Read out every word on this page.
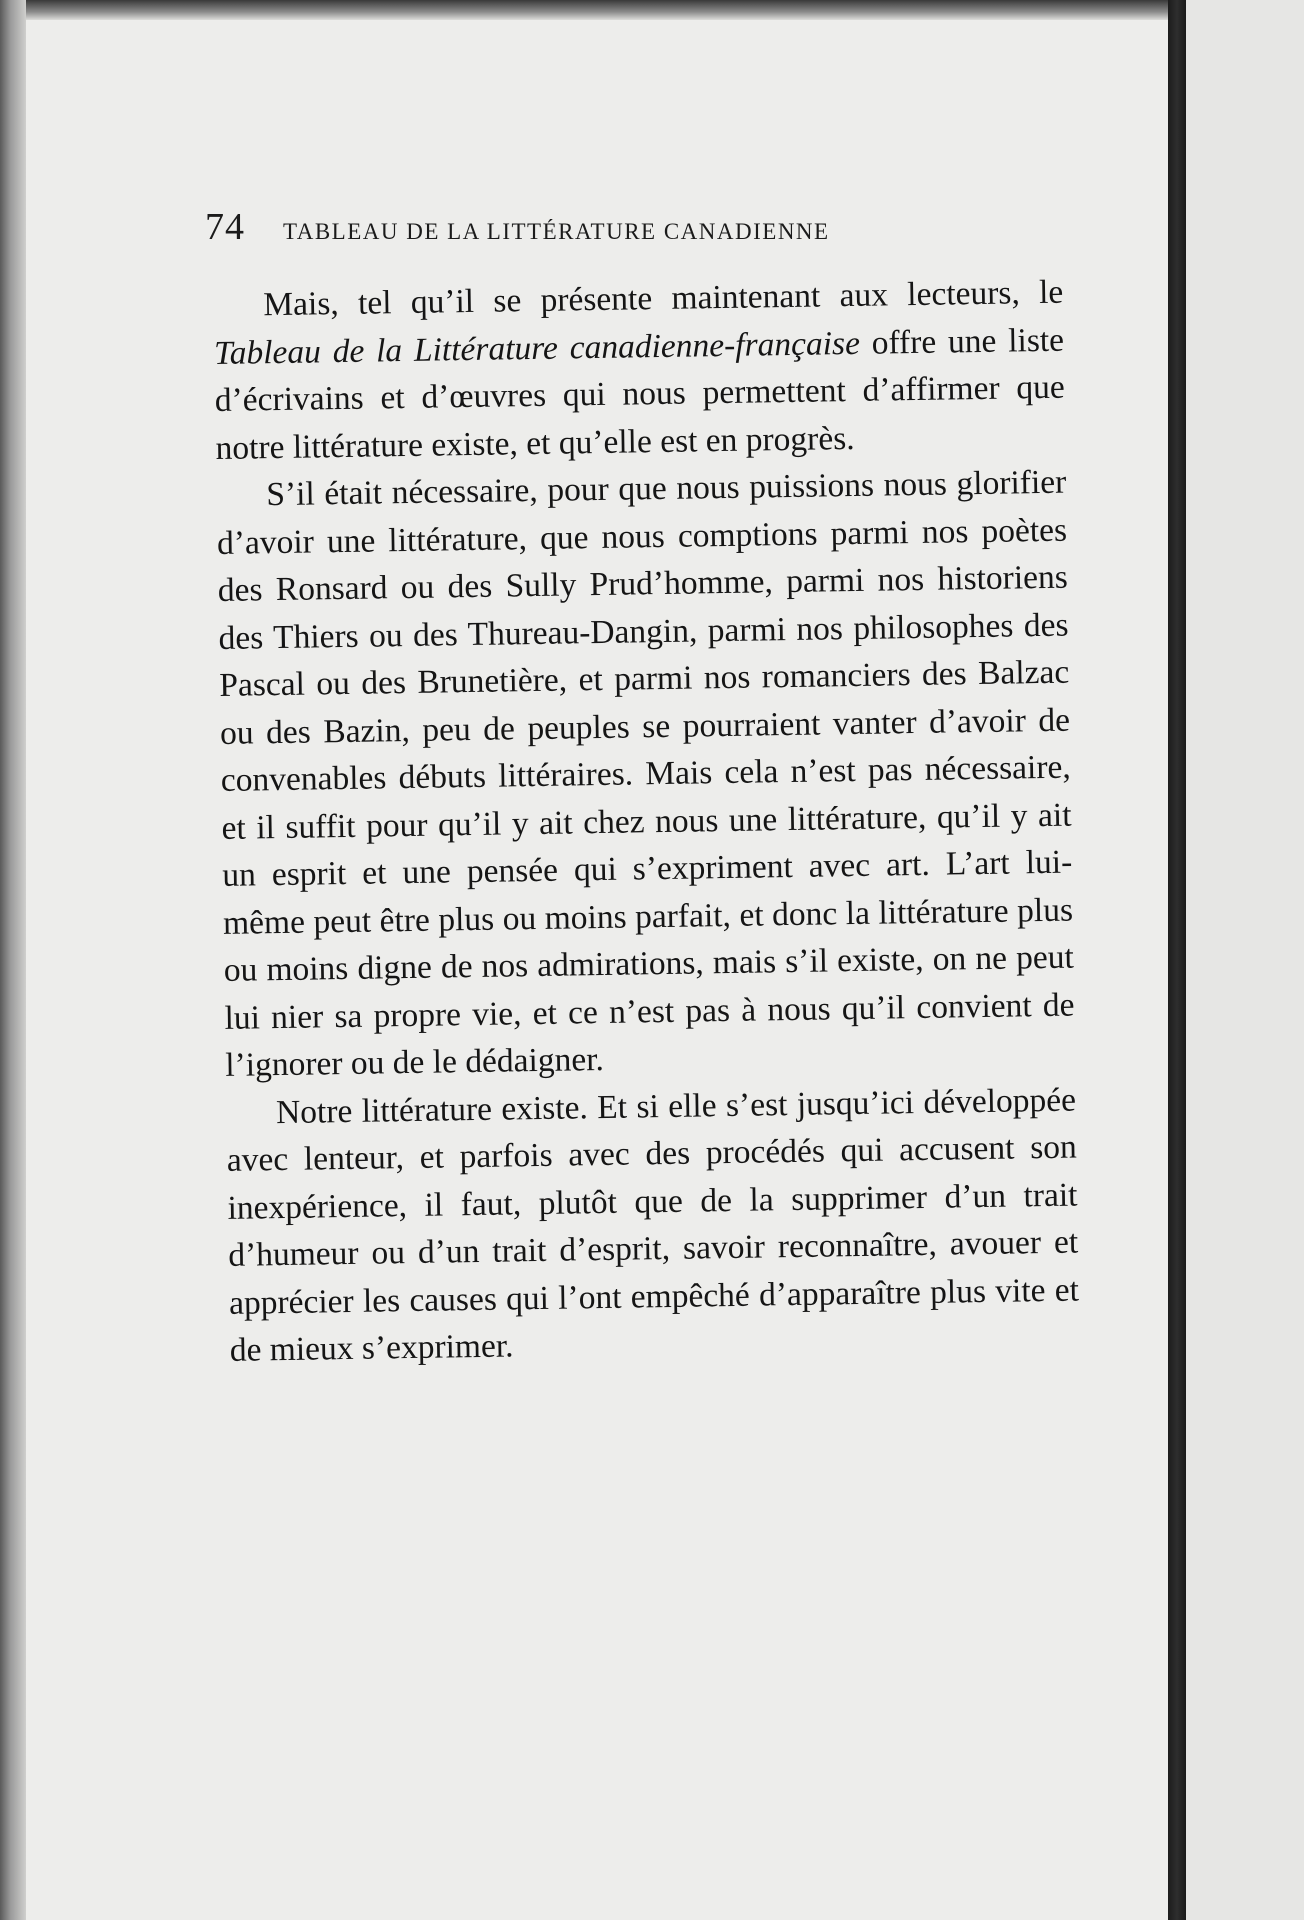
74 TABLEAU DE LA LITTÉRATURE CANADIENNE

Mais, tel qu’il se présente maintenant aux lecteurs, le Tableau de la Littérature canadienne-française offre une liste d’écrivains et d’œuvres qui nous permettent d’affirmer que notre littérature existe, et qu’elle est en progrès.

S’il était nécessaire, pour que nous puissions nous glorifier d’avoir une littérature, que nous comptions parmi nos poètes des Ronsard ou des Sully Prud’homme, parmi nos historiens des Thiers ou des Thureau-Dangin, parmi nos philosophes des Pascal ou des Brunetière, et parmi nos romanciers des Balzac ou des Bazin, peu de peuples se pourraient vanter d’avoir de convenables débuts littéraires. Mais cela n’est pas nécessaire, et il suffit pour qu’il y ait chez nous une littérature, qu’il y ait un esprit et une pensée qui s’expriment avec art. L’art lui-même peut être plus ou moins parfait, et donc la littérature plus ou moins digne de nos admirations, mais s’il existe, on ne peut lui nier sa propre vie, et ce n’est pas à nous qu’il convient de l’ignorer ou de le dédaigner.

Notre littérature existe. Et si elle s’est jusqu’ici développée avec lenteur, et parfois avec des procédés qui accusent son inexpérience, il faut, plutôt que de la supprimer d’un trait d’humeur ou d’un trait d’esprit, savoir reconnaître, avouer et apprécier les causes qui l’ont empêché d’apparaître plus vite et de mieux s’exprimer.
